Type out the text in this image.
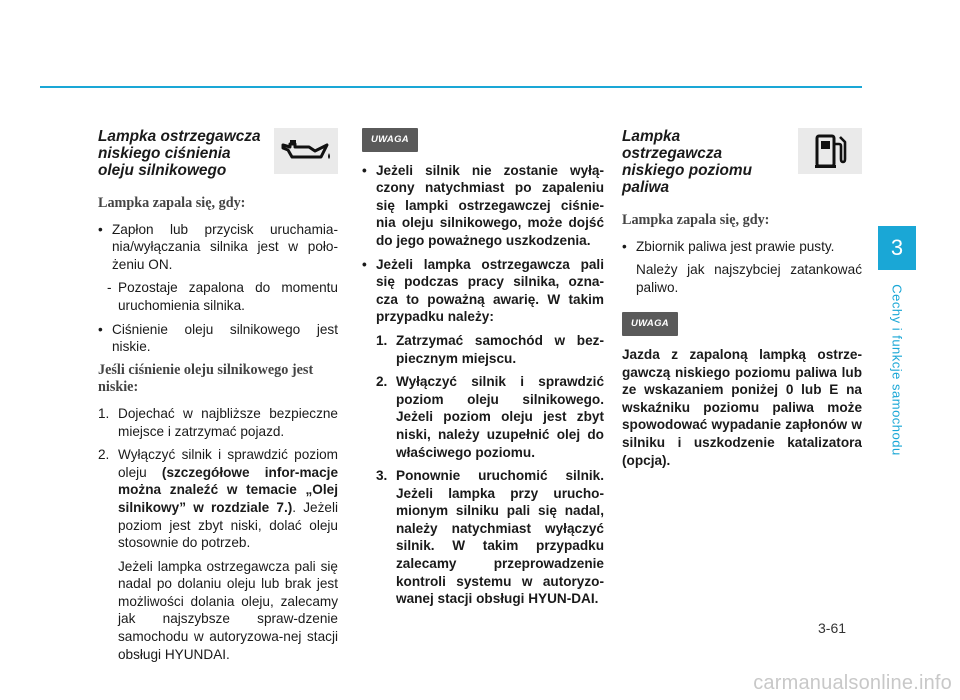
3
Cechy i funkcje samochodu
Lampka ostrzegawcza niskiego ciśnienia oleju silnikowego
Lampka zapala się, gdy:
• Zapłon lub przycisk uruchamia-nia/wyłączania silnika jest w poło-żeniu ON.
- Pozostaje zapalona do momentu uruchomienia silnika.
• Ciśnienie oleju silnikowego jest niskie.
Jeśli ciśnienie oleju silnikowego jest niskie:
1. Dojechać w najbliższe bezpieczne miejsce i zatrzymać pojazd.
2. Wyłączyć silnik i sprawdzić poziom oleju (szczegółowe infor-macje można znaleźć w temacie „Olej silnikowy” w rozdziale 7.). Jeżeli poziom jest zbyt niski, dolać oleju stosownie do potrzeb.
Jeżeli lampka ostrzegawcza pali się nadal po dolaniu oleju lub brak jest możliwości dolania oleju, zalecamy jak najszybsze spraw-dzenie samochodu w autoryzowa-nej stacji obsługi HYUNDAI.
UWAGA
• Jeżeli silnik nie zostanie wyłą-czony natychmiast po zapaleniu się lampki ostrzegawczej ciśnie-nia oleju silnikowego, może dojść do jego poważnego uszkodzenia.
• Jeżeli lampka ostrzegawcza pali się podczas pracy silnika, ozna-cza to poważną awarię. W takim przypadku należy:
1. Zatrzymać samochód w bez-piecznym miejscu.
2. Wyłączyć silnik i sprawdzić poziom oleju silnikowego. Jeżeli poziom oleju jest zbyt niski, należy uzupełnić olej do właściwego poziomu.
3. Ponownie uruchomić silnik. Jeżeli lampka przy urucho-mionym silniku pali się nadal, należy natychmiast wyłączyć silnik. W takim przypadku zalecamy przeprowadzenie kontroli systemu w autoryzo-wanej stacji obsługi HYUN-DAI.
Lampka ostrzegawcza niskiego poziomu paliwa
Lampka zapala się, gdy:
• Zbiornik paliwa jest prawie pusty.
Należy jak najszybciej zatankować paliwo.
UWAGA
Jazda z zapaloną lampką ostrze-gawczą niskiego poziomu paliwa lub ze wskazaniem poniżej 0 lub E na wskaźniku poziomu paliwa może spowodować wypadanie zapłonów w silniku i uszkodzenie katalizatora (opcja).
3-61
carmanualsonline.info
